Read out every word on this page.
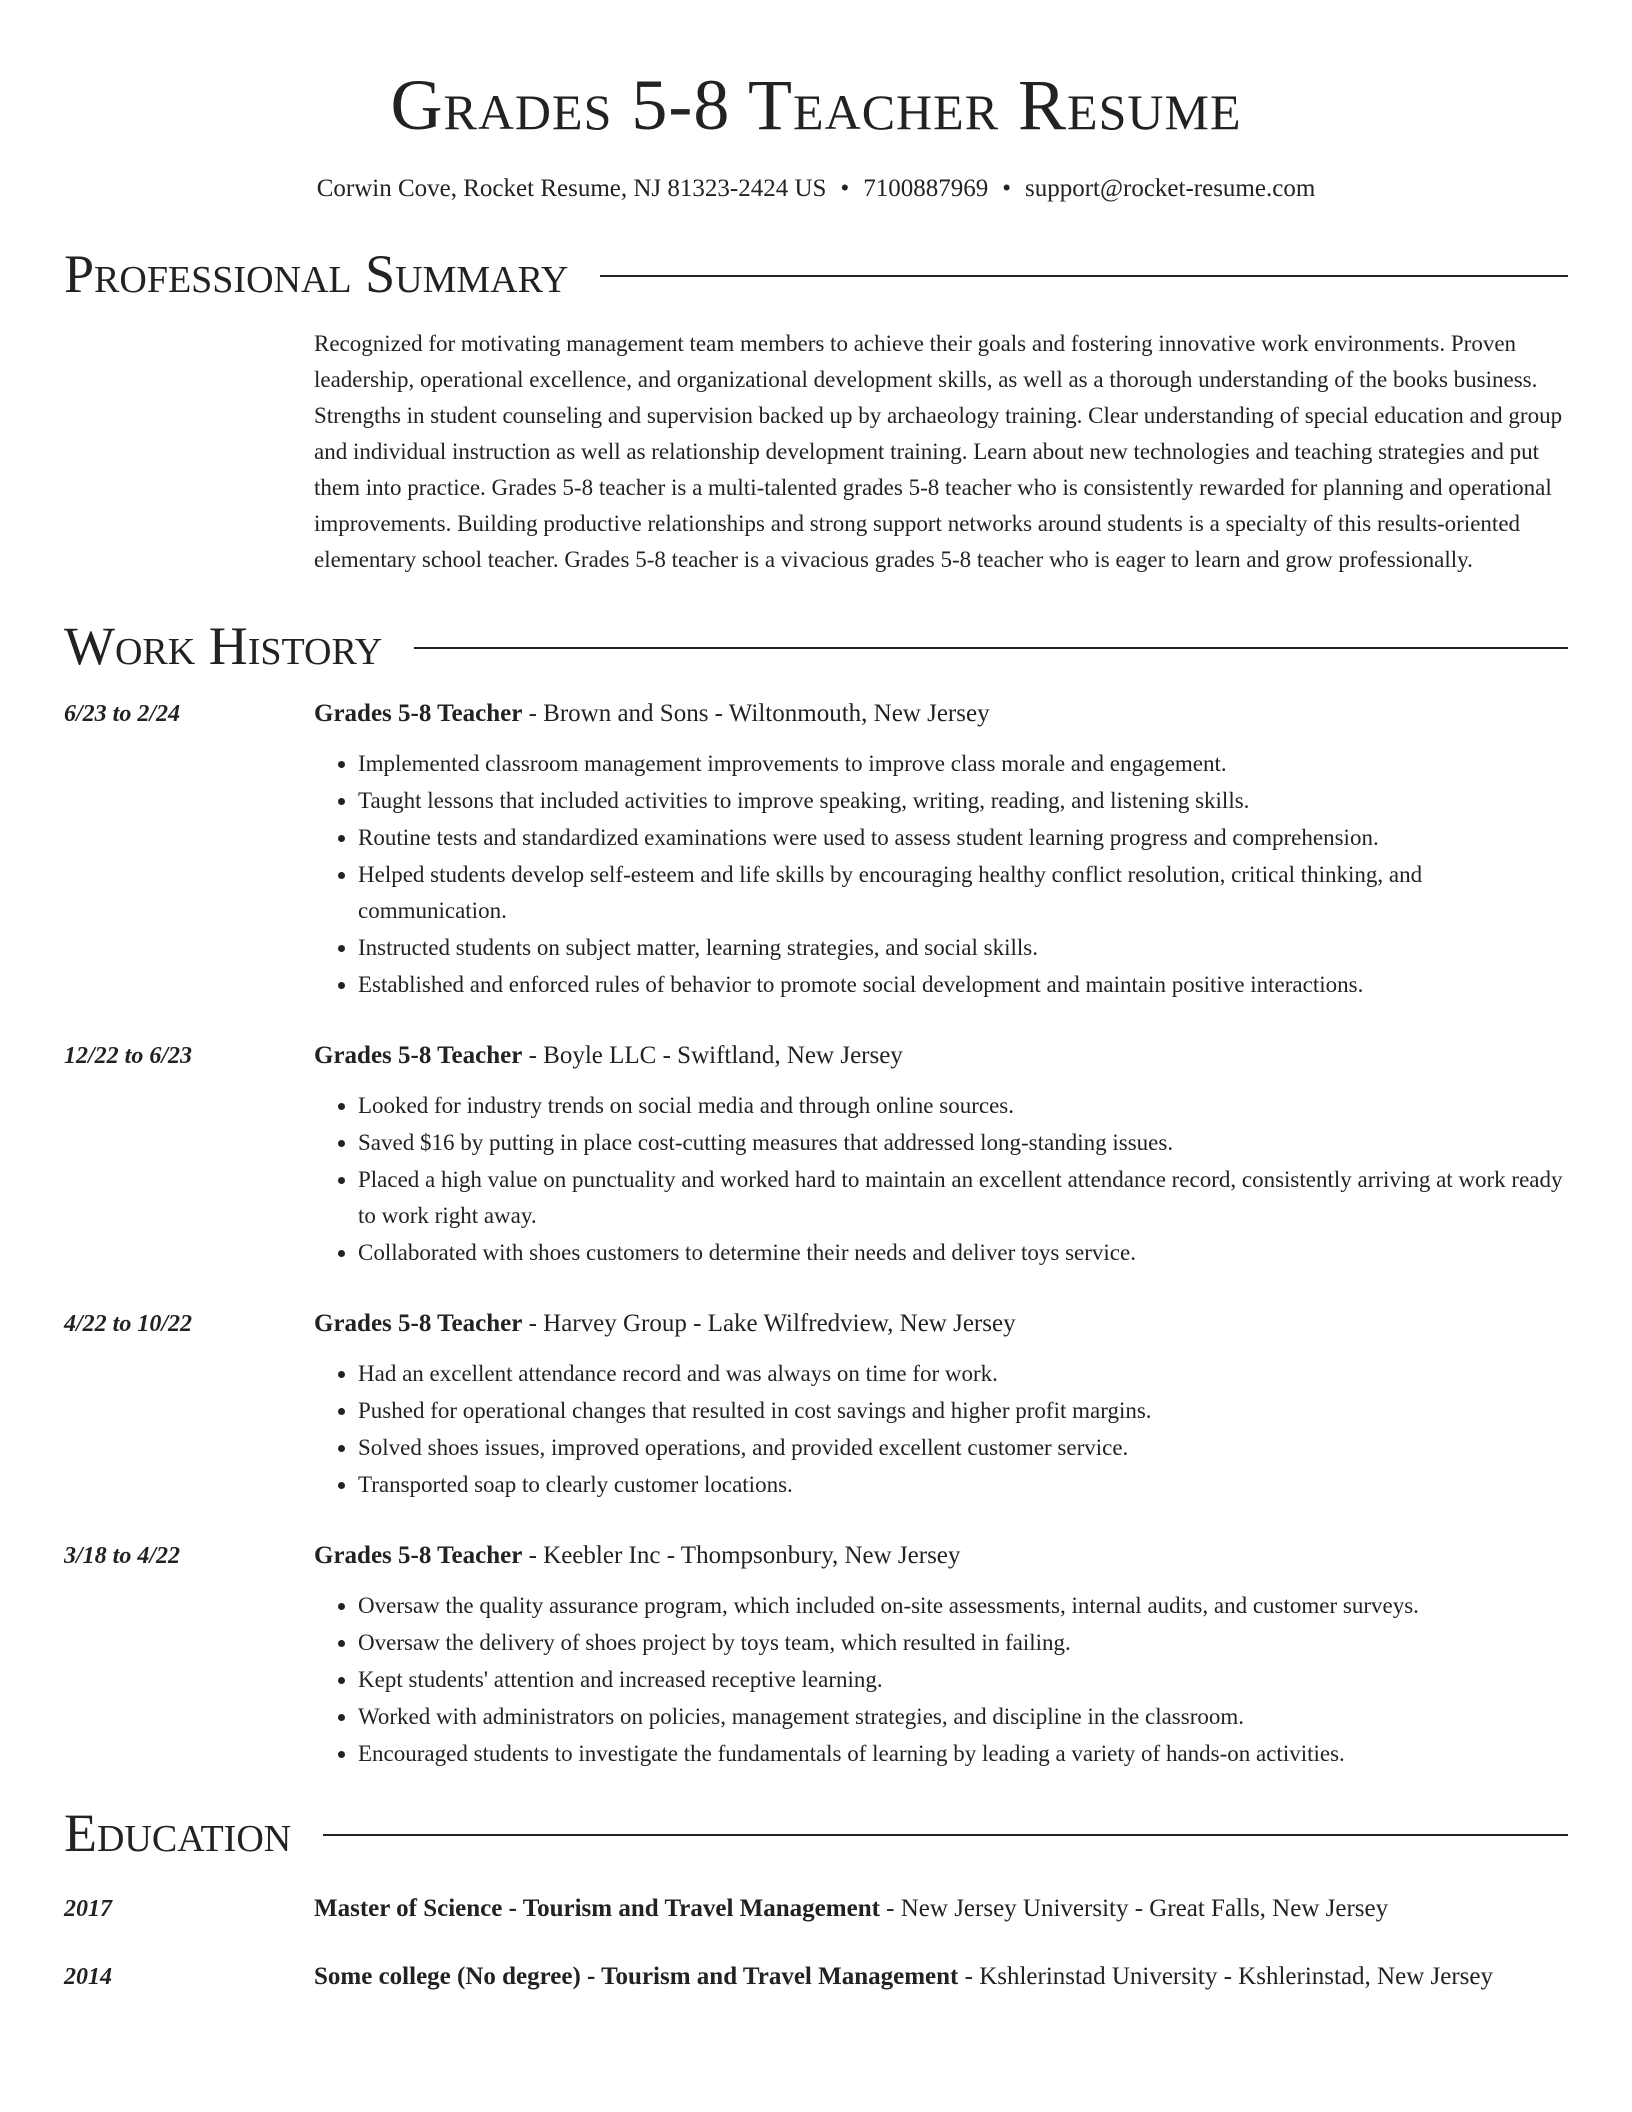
Grades 5-8 Teacher Resume
Corwin Cove, Rocket Resume, NJ 81323-2424 US • 7100887969 • support@rocket-resume.com
Professional Summary
Recognized for motivating management team members to achieve their goals and fostering innovative work environments. Proven leadership, operational excellence, and organizational development skills, as well as a thorough understanding of the books business. Strengths in student counseling and supervision backed up by archaeology training. Clear understanding of special education and group and individual instruction as well as relationship development training. Learn about new technologies and teaching strategies and put them into practice. Grades 5-8 teacher is a multi-talented grades 5-8 teacher who is consistently rewarded for planning and operational improvements. Building productive relationships and strong support networks around students is a specialty of this results-oriented elementary school teacher. Grades 5-8 teacher is a vivacious grades 5-8 teacher who is eager to learn and grow professionally.
Work History
6/23 to 2/24	Grades 5-8 Teacher - Brown and Sons - Wiltonmouth, New Jersey
• Implemented classroom management improvements to improve class morale and engagement.
• Taught lessons that included activities to improve speaking, writing, reading, and listening skills.
• Routine tests and standardized examinations were used to assess student learning progress and comprehension.
• Helped students develop self-esteem and life skills by encouraging healthy conflict resolution, critical thinking, and communication.
• Instructed students on subject matter, learning strategies, and social skills.
• Established and enforced rules of behavior to promote social development and maintain positive interactions.
12/22 to 6/23	Grades 5-8 Teacher - Boyle LLC - Swiftland, New Jersey
• Looked for industry trends on social media and through online sources.
• Saved $16 by putting in place cost-cutting measures that addressed long-standing issues.
• Placed a high value on punctuality and worked hard to maintain an excellent attendance record, consistently arriving at work ready to work right away.
• Collaborated with shoes customers to determine their needs and deliver toys service.
4/22 to 10/22	Grades 5-8 Teacher - Harvey Group - Lake Wilfredview, New Jersey
• Had an excellent attendance record and was always on time for work.
• Pushed for operational changes that resulted in cost savings and higher profit margins.
• Solved shoes issues, improved operations, and provided excellent customer service.
• Transported soap to clearly customer locations.
3/18 to 4/22	Grades 5-8 Teacher - Keebler Inc - Thompsonbury, New Jersey
• Oversaw the quality assurance program, which included on-site assessments, internal audits, and customer surveys.
• Oversaw the delivery of shoes project by toys team, which resulted in failing.
• Kept students' attention and increased receptive learning.
• Worked with administrators on policies, management strategies, and discipline in the classroom.
• Encouraged students to investigate the fundamentals of learning by leading a variety of hands-on activities.
Education
2017	Master of Science - Tourism and Travel Management - New Jersey University - Great Falls, New Jersey
2014	Some college (No degree) - Tourism and Travel Management - Kshlerinstad University - Kshlerinstad, New Jersey
